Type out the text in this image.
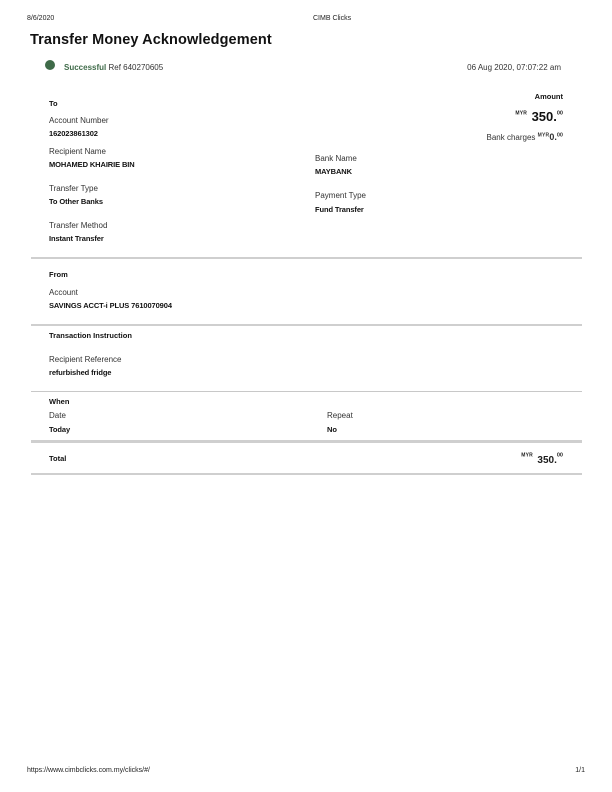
8/6/2020	CIMB Clicks
Transfer Money Acknowledgement
Successful Ref 640270605	06 Aug 2020, 07:07:22 am
To
Amount
$^{MYR}$ 350.00
Bank charges $^{MYR}$0.00
Account Number
162023861302
Recipient Name
MOHAMED KHAIRIE BIN
Bank Name
MAYBANK
Transfer Type
To Other Banks
Payment Type
Fund Transfer
Transfer Method
Instant Transfer
From
Account
SAVINGS ACCT-i PLUS 7610070904
Transaction Instruction
Recipient Reference
refurbished fridge
When
Date
Today
Repeat
No
Total	$^{MYR}$ 350.00
https://www.cimbclicks.com.my/clicks/#/	1/1
